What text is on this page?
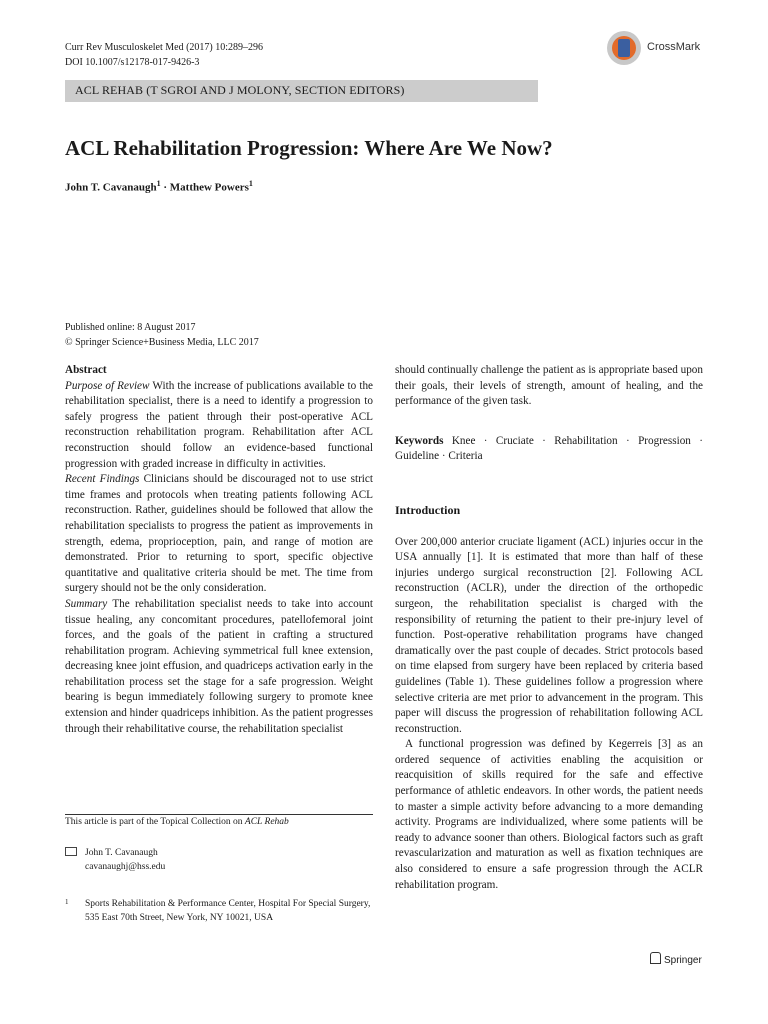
Curr Rev Musculoskelet Med (2017) 10:289–296
DOI 10.1007/s12178-017-9426-3
CrossMark
ACL REHAB (T SGROI AND J MOLONY, SECTION EDITORS)
ACL Rehabilitation Progression: Where Are We Now?
John T. Cavanaugh$^1$ · Matthew Powers$^1$
Published online: 8 August 2017
© Springer Science+Business Media, LLC 2017

Abstract

Purpose of Review With the increase of publications available to the rehabilitation specialist, there is a need to identify a progression to safely progress the patient through their post-operative ACL reconstruction rehabilitation program. Rehabilitation after ACL reconstruction should follow an evidence-based functional progression with graded increase in difficulty in activities.

Recent Findings Clinicians should be discouraged not to use strict time frames and protocols when treating patients following ACL reconstruction. Rather, guidelines should be followed that allow the rehabilitation specialists to progress the patient as improvements in strength, edema, proprioception, pain, and range of motion are demonstrated. Prior to returning to sport, specific objective quantitative and qualitative criteria should be met. The time from surgery should not be the only consideration.

Summary The rehabilitation specialist needs to take into account tissue healing, any concomitant procedures, patellofemoral joint forces, and the goals of the patient in crafting a structured rehabilitation program. Achieving symmetrical full knee extension, decreasing knee joint effusion, and quadriceps activation early in the rehabilitation process set the stage for a safe progression. Weight bearing is begun immediately following surgery to promote knee extension and hinder quadriceps inhibition. As the patient progresses through their rehabilitative course, the rehabilitation specialist

This article is part of the Topical Collection on ACL Rehab
John T. Cavanaugh
cavanaughj@hss.edu
1 Sports Rehabilitation & Performance Center, Hospital For Special Surgery, 535 East 70th Street, New York, NY 10021, USA

should continually challenge the patient as is appropriate based upon their goals, their levels of strength, amount of healing, and the performance of the given task.

Keywords Knee · Cruciate · Rehabilitation · Progression · Guideline · Criteria

Introduction

Over 200,000 anterior cruciate ligament (ACL) injuries occur in the USA annually [1]. It is estimated that more than half of these injuries undergo surgical reconstruction [2]. Following ACL reconstruction (ACLR), under the direction of the orthopedic surgeon, the rehabilitation specialist is charged with the responsibility of returning the patient to their pre-injury level of function. Post-operative rehabilitation programs have changed dramatically over the past couple of decades. Strict protocols based on time elapsed from surgery have been replaced by criteria based guidelines (Table 1). These guidelines follow a progression where selective criteria are met prior to advancement in the program. This paper will discuss the progression of rehabilitation following ACL reconstruction.

A functional progression was defined by Kegerreis [3] as an ordered sequence of activities enabling the acquisition or reacquisition of skills required for the safe and effective performance of athletic endeavors. In other words, the patient needs to master a simple activity before advancing to a more demanding activity. Programs are individualized, where some patients will be ready to advance sooner than others. Biological factors such as graft revascularization and maturation as well as fixation techniques are also considered to ensure a safe progression through the ACLR rehabilitation program.

Springer
